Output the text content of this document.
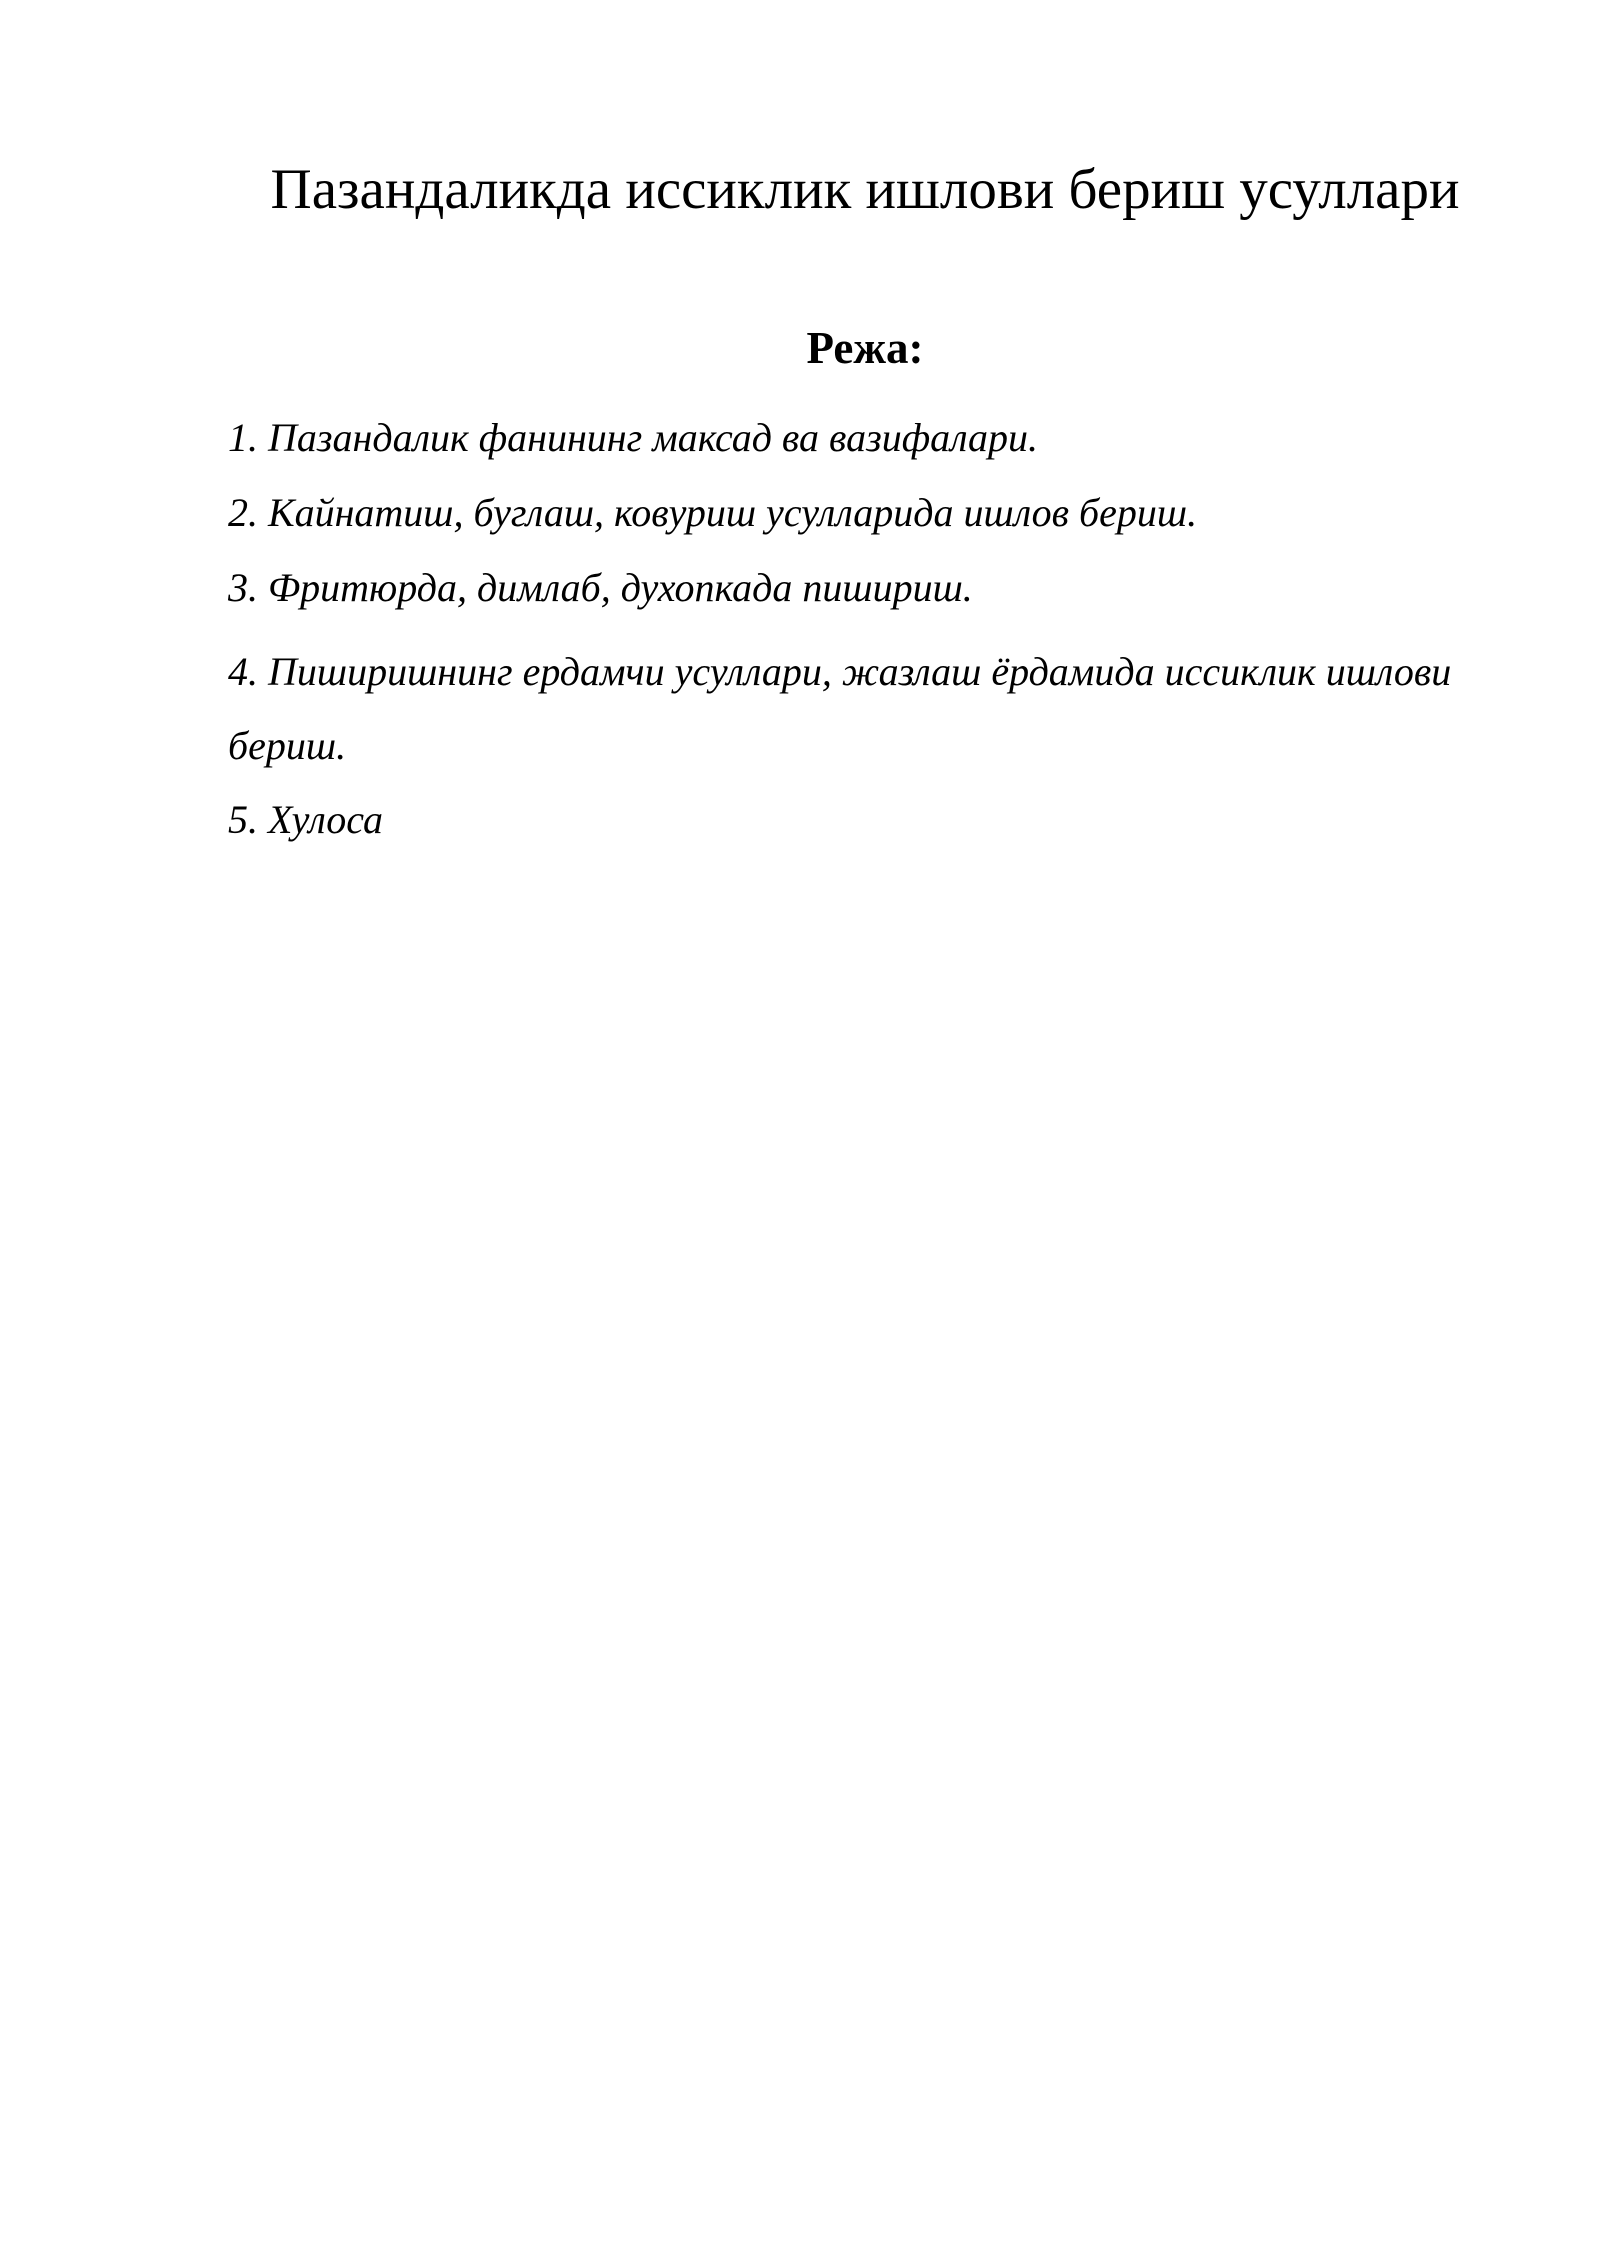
Пазандаликда иссиклик ишлови бериш усуллари
Режа:
1. Пазандалик фанининг максад ва вазифалари.
2. Кайнатиш, буглаш, ковуриш усулларида ишлов бериш.
3. Фритюрда, димлаб, духопкада пишириш.
4. Пиширишнинг ердамчи усуллари, жазлаш ёрдамида иссиклик ишлови бериш.
5. Хулоса
